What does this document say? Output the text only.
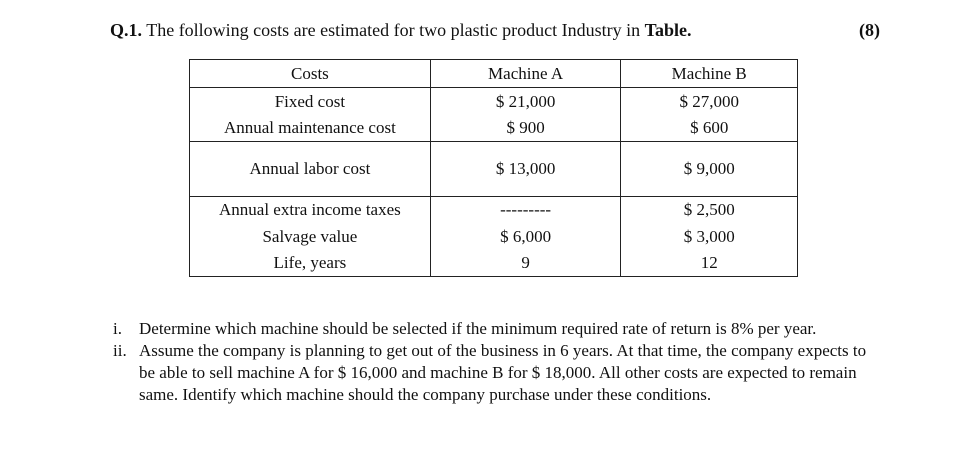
Q.1. The following costs are estimated for two plastic product Industry in Table.	(8)
Costs	Machine A	Machine B
Fixed cost	$ 21,000	$ 27,000
Annual maintenance cost	$ 900	$ 600
Annual labor cost	$ 13,000	$ 9,000
Annual extra income taxes	---------	$ 2,500
Salvage value	$ 6,000	$ 3,000
Life, years	9	12
i. Determine which machine should be selected if the minimum required rate of return is 8% per year.
ii. Assume the company is planning to get out of the business in 6 years. At that time, the company expects to be able to sell machine A for $ 16,000 and machine B for $ 18,000. All other costs are expected to remain same. Identify which machine should the company purchase under these conditions.
